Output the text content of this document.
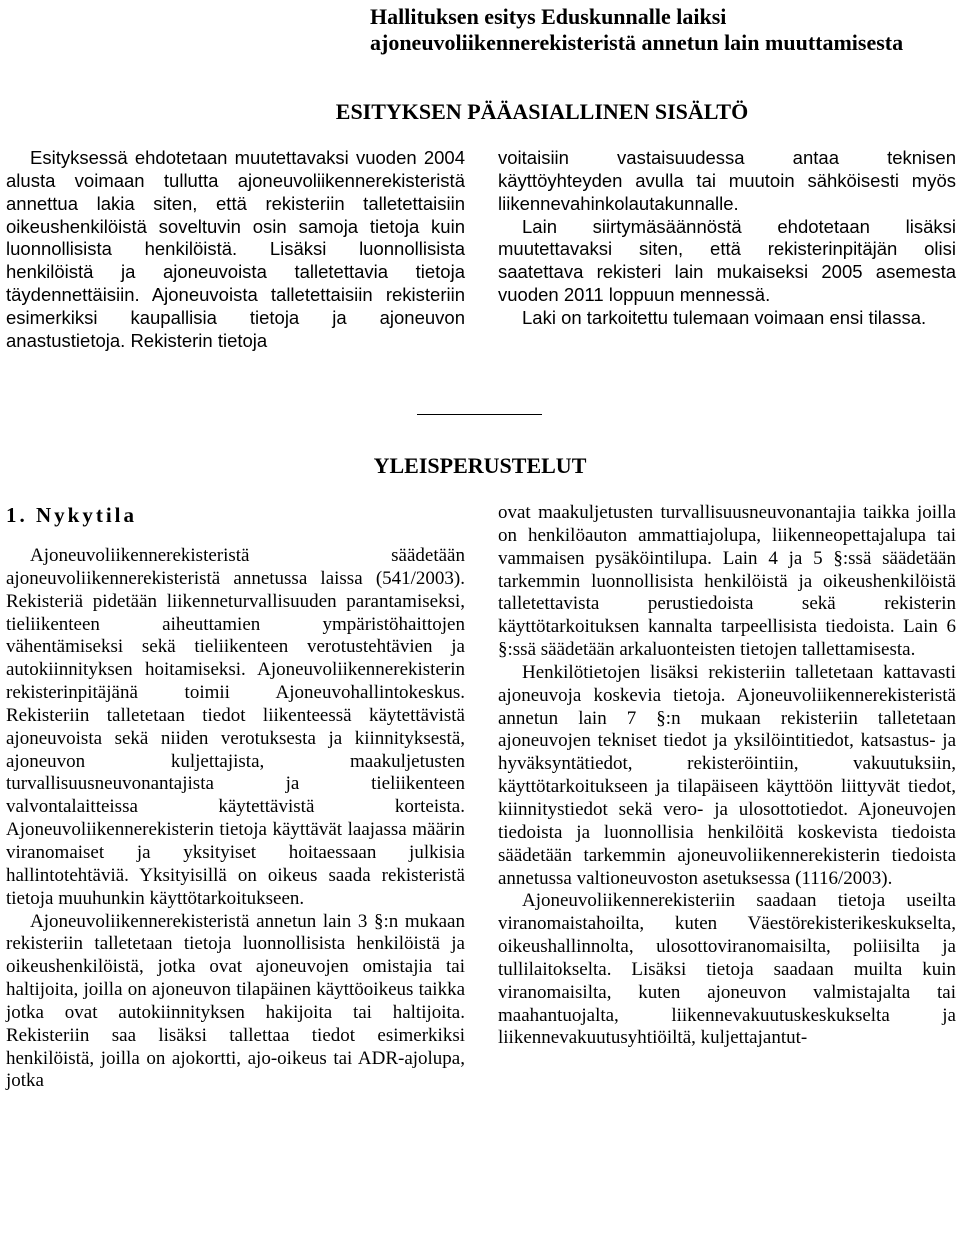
Hallituksen esitys Eduskunnalle laiksi ajoneuvoliikennerekisteristä annetun lain muuttamisesta
ESITYKSEN PÄÄASIALLINEN SISÄLTÖ

Esityksessä ehdotetaan muutettavaksi vuoden 2004 alusta voimaan tullutta ajoneuvoliikennerekisteristä annettua lakia siten, että rekisteriin talletettaisiin oikeushenkilöistä soveltuvin osin samoja tietoja kuin luonnollisista henkilöistä. Lisäksi luonnollisista henkilöistä ja ajoneuvoista talletettavia tietoja täydennettäisiin. Ajoneuvoista talletettaisiin rekisteriin esimerkiksi kaupallisia tietoja ja ajoneuvon anastustietoja. Rekisterin tietoja

voitaisiin vastaisuudessa antaa teknisen käyttöyhteyden avulla tai muutoin sähköisesti myös liikennevahinkolautakunnalle.

Lain siirtymäsäännöstä ehdotetaan lisäksi muutettavaksi siten, että rekisterinpitäjän olisi saatettava rekisteri lain mukaiseksi 2005 asemesta vuoden 2011 loppuun mennessä.

Laki on tarkoitettu tulemaan voimaan ensi tilassa.

YLEISPERUSTELUT
1. Nykytila

Ajoneuvoliikennerekisteristä säädetään ajoneuvoliikennerekisteristä annetussa laissa (541/2003). Rekisteriä pidetään liikenneturvallisuuden parantamiseksi, tieliikenteen aiheuttamien ympäristöhaittojen vähentämiseksi sekä tieliikenteen verotustehtävien ja autokiinnityksen hoitamiseksi. Ajoneuvoliikennerekisterin rekisterinpitäjänä toimii Ajoneuvohallintokeskus. Rekisteriin talletetaan tiedot liikenteessä käytettävistä ajoneuvoista sekä niiden verotuksesta ja kiinnityksestä, ajoneuvon kuljettajista, maakuljetusten turvallisuusneuvonantajista ja tieliikenteen valvontalaitteissa käytettävistä korteista. Ajoneuvoliikennerekisterin tietoja käyttävät laajassa määrin viranomaiset ja yksityiset hoitaessaan julkisia hallintotehtäviä. Yksityisillä on oikeus saada rekisteristä tietoja muuhunkin käyttötarkoitukseen.

Ajoneuvoliikennerekisteristä annetun lain 3 §:n mukaan rekisteriin talletetaan tietoja luonnollisista henkilöistä ja oikeushenkilöistä, jotka ovat ajoneuvojen omistajia tai haltijoita, joilla on ajoneuvon tilapäinen käyttöoikeus taikka jotka ovat autokiinnityksen hakijoita tai haltijoita. Rekisteriin saa lisäksi tallettaa tiedot esimerkiksi henkilöistä, joilla on ajokortti, ajo-oikeus tai ADR-ajolupa, jotka

ovat maakuljetusten turvallisuusneuvonantajia taikka joilla on henkilöauton ammattiajolupa, liikenneopettajalupa tai vammaisen pysäköintilupa. Lain 4 ja 5 §:ssä säädetään tarkemmin luonnollisista henkilöistä ja oikeushenkilöistä talletettavista perustiedoista sekä rekisterin käyttötarkoituksen kannalta tarpeellisista tiedoista. Lain 6 §:ssä säädetään arkaluonteisten tietojen tallettamisesta.

Henkilötietojen lisäksi rekisteriin talletetaan kattavasti ajoneuvoja koskevia tietoja. Ajoneuvoliikennerekisteristä annetun lain 7 §:n mukaan rekisteriin talletetaan ajoneuvojen tekniset tiedot ja yksilöintitiedot, katsastus- ja hyväksyntätiedot, rekisteröintiin, vakuutuksiin, käyttötarkoitukseen ja tilapäiseen käyttöön liittyvät tiedot, kiinnitystiedot sekä vero- ja ulosottotiedot. Ajoneuvojen tiedoista ja luonnollisia henkilöitä koskevista tiedoista säädetään tarkemmin ajoneuvoliikennerekisterin tiedoista annetussa valtioneuvoston asetuksessa (1116/2003).

Ajoneuvoliikennerekisteriin saadaan tietoja useilta viranomaistahoilta, kuten Väestörekisterikeskukselta, oikeushallinnolta, ulosottoviranomaisilta, poliisilta ja tullilaitokselta. Lisäksi tietoja saadaan muilta kuin viranomaisilta, kuten ajoneuvon valmistajalta tai maahantuojalta, liikennevakuutuskeskukselta ja liikennevakuutusyhtiöiltä, kuljettajantut-
